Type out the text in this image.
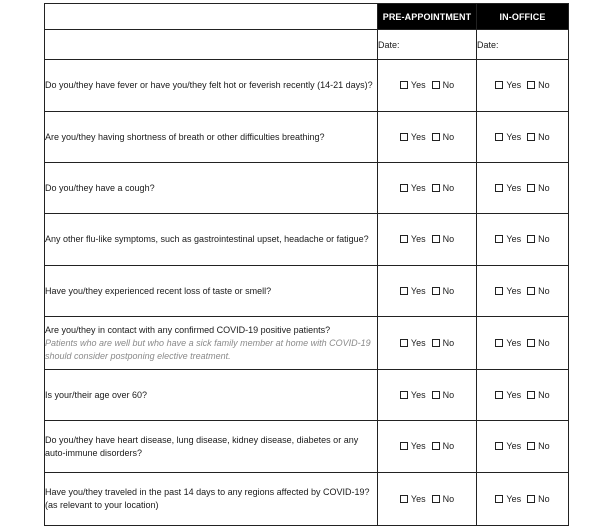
	PRE-APPOINTMENT	IN-OFFICE
	Date:	Date:
Do you/they have fever or have you/they felt hot or feverish recently (14-21 days)?	Yes No	Yes No

Are you/they having shortness of breath or other difficulties breathing?	Yes No	Yes No

Do you/they have a cough?	Yes No	Yes No

Any other flu-like symptoms, such as gastrointestinal upset, headache or fatigue?	Yes No	Yes No

Have you/they experienced recent loss of taste or smell?	Yes No	Yes No

Are you/they in contact with any confirmed COVID-19 positive patients?
Patients who are well but who have a sick family member at home with COVID-19 should consider postponing elective treatment.	Yes No	Yes No

Is your/their age over 60?	Yes No	Yes No

Do you/they have heart disease, lung disease, kidney disease, diabetes or any auto-immune disorders?	Yes No	Yes No

Have you/they traveled in the past 14 days to any regions affected by COVID-19? (as relevant to your location)	Yes No	Yes No
